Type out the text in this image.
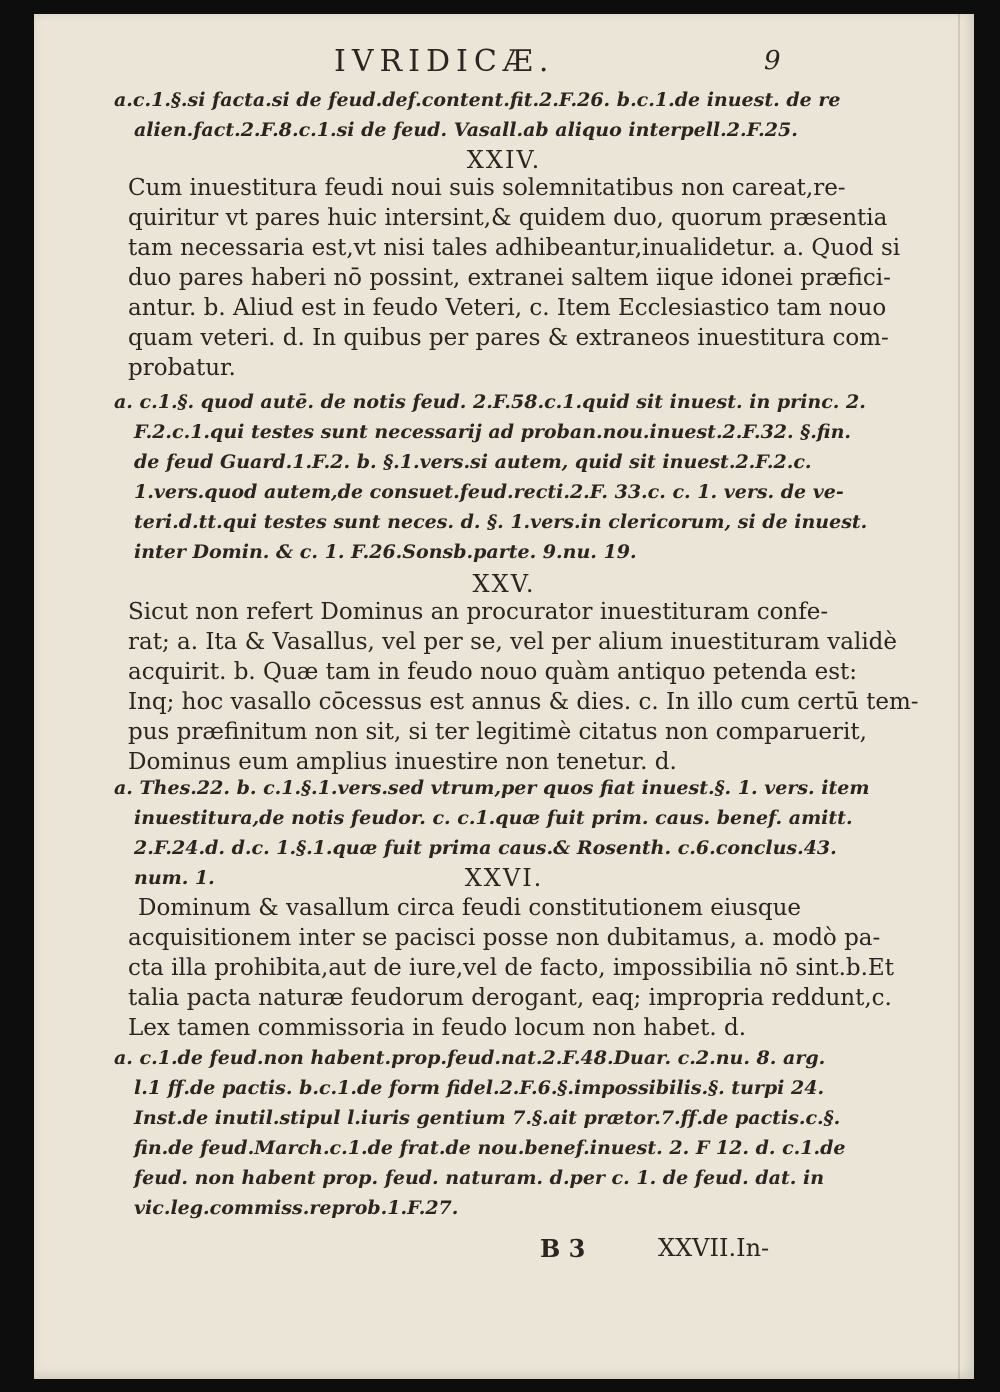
IVRIDICÆ.	9
a.c.1.§.si facta.si de feud.def.content.fit.2.F.26. b.c.1.de inuest. de re
alien.fact.2.F.8.c.1.si de feud. Vasall.ab aliquo interpell.2.F.25.
XXIV.
Cum inuestitura feudi noui suis solemnitatibus non careat,re-
quiritur vt pares huic intersint,& quidem duo, quorum præsentia
tam necessaria est,vt nisi tales adhibeantur,inualidetur. a. Quod si
duo pares haberi nō possint, extranei saltem iique idonei præfici-
antur. b. Aliud est in feudo Veteri, c. Item Ecclesiastico tam nouo
quam veteri. d. In quibus per pares & extraneos inuestitura com-
probatur.
a. c.1.§. quod autē. de notis feud. 2.F.58.c.1.quid sit inuest. in princ. 2.
F.2.c.1.qui testes sunt necessarij ad proban.nou.inuest.2.F.32. §.fin.
de feud Guard.1.F.2. b. §.1.vers.si autem, quid sit inuest.2.F.2.c.
1.vers.quod autem,de consuet.feud.recti.2.F. 33.c. c. 1. vers. de ve-
teri.d.tt.qui testes sunt neces. d. §. 1.vers.in clericorum, si de inuest.
inter Domin. & c. 1. F.26.Sonsb.parte. 9.nu. 19.
XXV.
Sicut non refert Dominus an procurator inuestituram confe-
rat; a. Ita & Vasallus, vel per se, vel per alium inuestituram validè
acquirit. b. Quæ tam in feudo nouo quàm antiquo petenda est:
Inq; hoc vasallo cōcessus est annus & dies. c. In illo cum certū tem-
pus præfinitum non sit, si ter legitimè citatus non comparuerit,
Dominus eum amplius inuestire non tenetur. d.
a. Thes.22. b. c.1.§.1.vers.sed vtrum,per quos fiat inuest.§. 1. vers. item
inuestitura,de notis feudor. c. c.1.quæ fuit prim. caus. benef. amitt.
2.F.24.d. d.c. 1.§.1.quæ fuit prima caus.& Rosenth. c.6.conclus.43.
num. 1.	XXVI.
Dominum & vasallum circa feudi constitutionem eiusque
acquisitionem inter se pacisci posse non dubitamus, a. modò pa-
cta illa prohibita,aut de iure,vel de facto, impossibilia nō sint.b.Et
talia pacta naturæ feudorum derogant, eaq; impropria reddunt,c.
Lex tamen commissoria in feudo locum non habet. d.
a. c.1.de feud.non habent.prop.feud.nat.2.F.48.Duar. c.2.nu. 8. arg.
l.1 ff.de pactis. b.c.1.de form fidel.2.F.6.§.impossibilis.§. turpi 24.
Inst.de inutil.stipul l.iuris gentium 7.§.ait prætor.7.ff.de pactis.c.§.
fin.de feud.March.c.1.de frat.de nou.benef.inuest. 2. F 12. d. c.1.de
feud. non habent prop. feud. naturam. d.per c. 1. de feud. dat. in
vic.leg.commiss.reprob.1.F.27.
B 3	XXVII.In-
